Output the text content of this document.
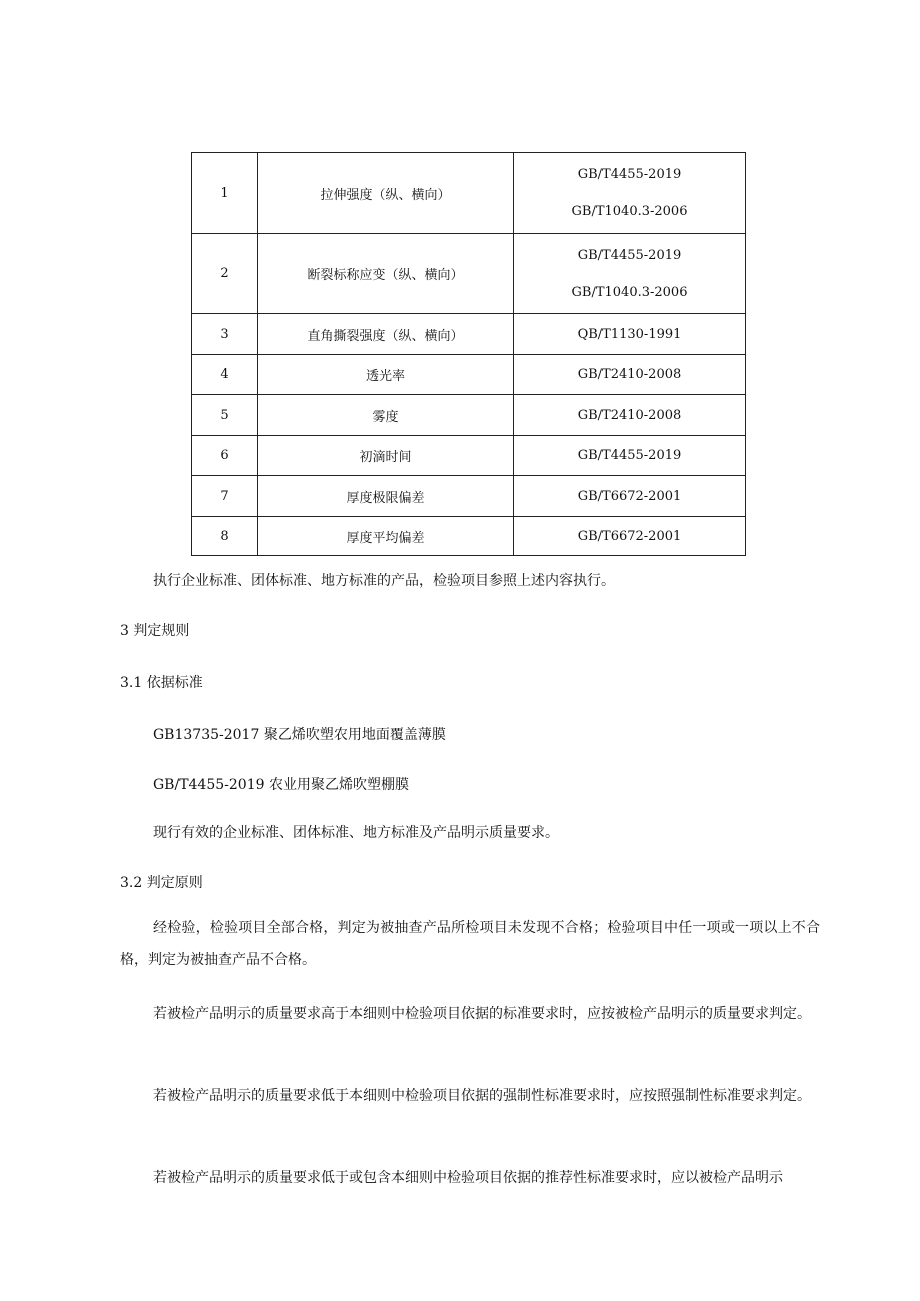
1	拉伸强度（纵、横向）
GB/T4455-2019
GB/T1040.3-2006
2	断裂标称应变（纵、横向）
GB/T4455-2019
GB/T1040.3-2006
3	直角撕裂强度（纵、横向）	QB/T1130-1991
4	透光率	GB/T2410-2008
5	雾度	GB/T2410-2008
6	初滴时间	GB/T4455-2019
7	厚度极限偏差	GB/T6672-2001
8	厚度平均偏差	GB/T6672-2001
执行企业标准、团体标准、地方标准的产品，检验项目参照上述内容执行。
3 判定规则
3.1 依据标准
GB13735-2017 聚乙烯吹塑农用地面覆盖薄膜
GB/T4455-2019 农业用聚乙烯吹塑棚膜
现行有效的企业标准、团体标准、地方标准及产品明示质量要求。
3.2 判定原则
经检验，检验项目全部合格，判定为被抽查产品所检项目未发现不合格；检验项目中任一项或一项以上不合格，判定为被抽查产品不合格。
若被检产品明示的质量要求高于本细则中检验项目依据的标准要求时，应按被检产品明示的质量要求判定。
若被检产品明示的质量要求低于本细则中检验项目依据的强制性标准要求时，应按照强制性标准要求判定。
若被检产品明示的质量要求低于或包含本细则中检验项目依据的推荐性标准要求时，应以被检产品明示
